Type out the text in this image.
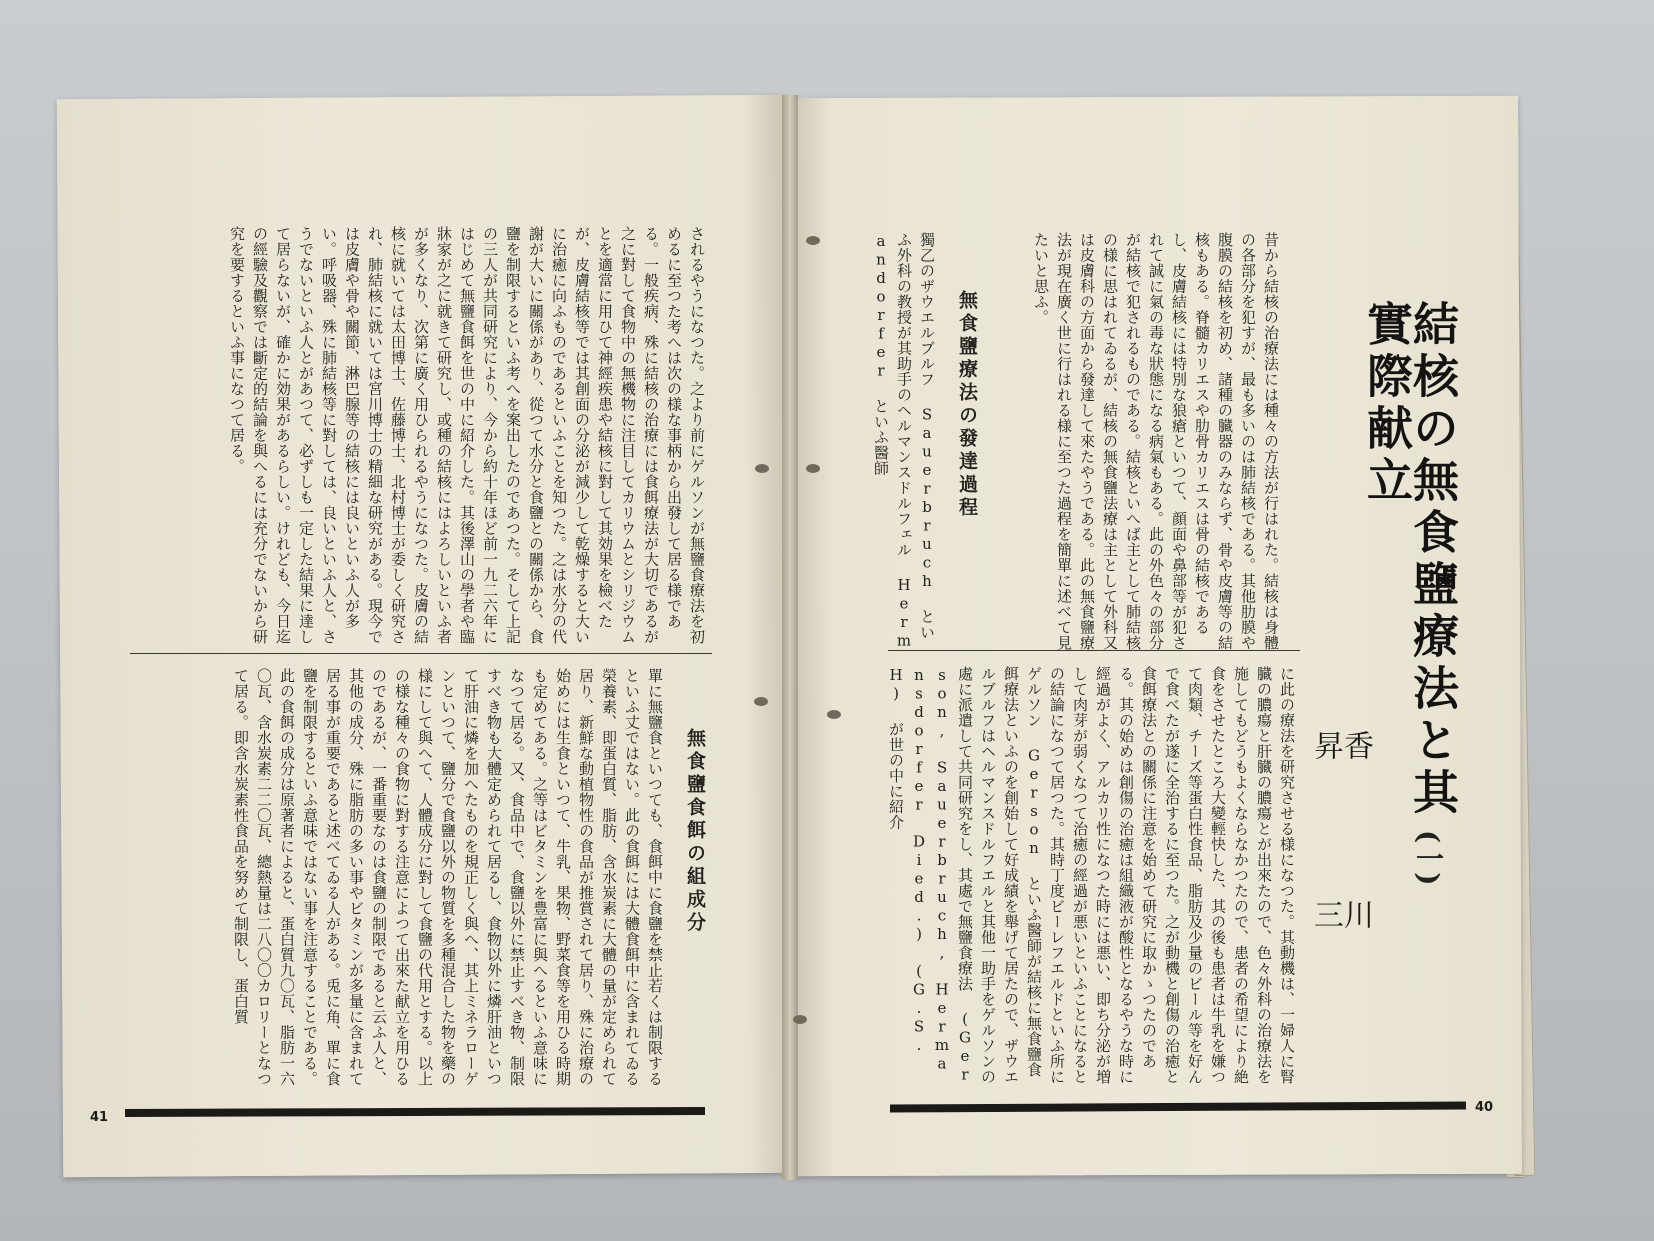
結核の無食鹽療法と其實際献立
(一)
香 川 昇 三
昔から結核の治療法には種々の方法が行はれた。結核は身體の各部分を犯すが、最も多いのは肺結核である。其他肋膜や腹膜の結核を初め、諸種の臓器のみならず、骨や皮膚等の結核もある。脊髓カリエスや肋骨カリエスは骨の結核であるし、皮膚結核には特別な狼瘡といつて、顔面や鼻部等が犯されて誠に氣の毒な狀態になる病氣もある。此の外色々の部分が結核で犯されるものである。結核といへば主として肺結核の様に思はれてゐるが、結核の無食鹽法療は主として外科又は皮膚科の方面から發達して來たやうである。此の無食鹽療法が現在廣く世に行はれる様に至つた過程を簡單に述べて見たいと思ふ。
無食鹽療法の發達過程
獨乙のザウエルブルフ Sauerbruch といふ外科の教授が其助手のヘルマンスドルフェル Hermandorfer といふ醫師
に此の療法を研究させる様になつた。其動機は、一婦人に腎臓の膿瘍と肝臓の膿瘍とが出來たので、色々外科の治療法を施してもどうもよくならなかつたので、患者の希望により絶食をさせたところ大變輕快した、其の後も患者は牛乳を嫌つて肉類、チーズ等蛋白性食品、脂肪及少量のビール等を好んで食べたが遂に全治するに至つた。之が動機と創傷の治癒と食餌療法との關係に注意を始めて研究に取かゝつたのである。其の始めは創傷の治癒は組織液が酸性となるやうな時に經過がよく、アルカリ性になつた時には悪い、即ち分泌が増して肉芽が弱くなつて治癒の經過が悪いといふことになるとの結論になつて居つた。其時丁度ビーレフエルドといふ所にゲルソン Gerson といふ醫師が結核に無食鹽食餌療法といふのを創始して好成績を舉げて居たので、ザウエルブルフはヘルマンスドルフエルと其他一助手をゲルソンの處に派遣して共同研究をし、其處で無鹽食療法 (Gerson, Sauerbruch, Hermansdorfer Died.) (G.S.H) が世の中に紹介
40
されるやうになつた。之より前にゲルソンが無鹽食療法を初めるに至つた考へは次の様な事柄から出發して居る様である。一般疾病、殊に結核の治療には食餌療法が大切であるが之に對して食物中の無機物に注目してカリウムとシリジウムとを適當に用ひて神經疾患や結核に對して其効果を檢べたが、皮膚結核等では其創面の分泌が減少して乾燥すると大いに治癒に向ふものであるといふことを知つた。之は水分の代謝が大いに關係があり、從つて水分と食鹽との關係から、食鹽を制限するといふ考へを案出したのであつた。そして上記の三人が共同研究により、今から約十年ほど前一九二六年にはじめて無鹽食餌を世の中に紹介した。其後澤山の學者や臨牀家が之に就きて研究し、或種の結核にはよろしいといふ者が多くなり、次第に廣く用ひられるやうになつた。皮膚の結核に就いては太田博士、佐藤博士、北村博士が委しく研究され、肺結核に就いては宮川博士の精細な研究がある。現今では皮膚や骨や關節、淋巴腺等の結核には良いといふ人が多い。呼吸器、殊に肺結核等に對しては、良いといふ人と、さうでないといふ人とがあつて、必ずしも一定した結果に達して居らないが、確かに効果があるらしい。けれども、今日迄の經驗及觀察では斷定的結論を與へるには充分でないから研究を要するといふ事になつて居る。
無食鹽食餌の組成分
單に無鹽食といつても、食餌中に食鹽を禁止若くは制限するといふ丈ではない。此の食餌には大體食餌中に含まれてゐる榮養素、即蛋白質、脂肪、含水炭素に大體の量が定められて居り、新鮮な動植物性の食品が推賞されて居り、殊に治療の始めには生食といつて、牛乳、果物、野菜食等を用ひる時期も定めてある。之等はビタミンを豊富に與へるといふ意味になつて居る。又、食品中で、食鹽以外に禁止すべき物、制限すべき物も大體定められて居るし、食物以外に燐肝油といつて肝油に燐を加へたものを規正しく與へ、其上ミネラローゲンといつて、鹽分で食鹽以外の物質を多種混合した物を藥の様にして與へて、人體成分に對して食鹽の代用とする。以上の様な種々の食物に對する注意によつて出來た献立を用ひるのであるが、一番重要なのは食鹽の制限であると云ふ人と、其他の成分、殊に脂肪の多い事やビタミンが多量に含まれて居る事が重要であると述べてゐる人がある。兎に角、單に食鹽を制限するといふ意味ではない事を注意することである。此の食餌の成分は原著者によると、蛋白質九〇瓦、脂肪一六〇瓦、含水炭素二二〇瓦、總熱量は二八〇〇カロリーとなつて居る。即含水炭素性食品を努めて制限し、蛋白質
41
